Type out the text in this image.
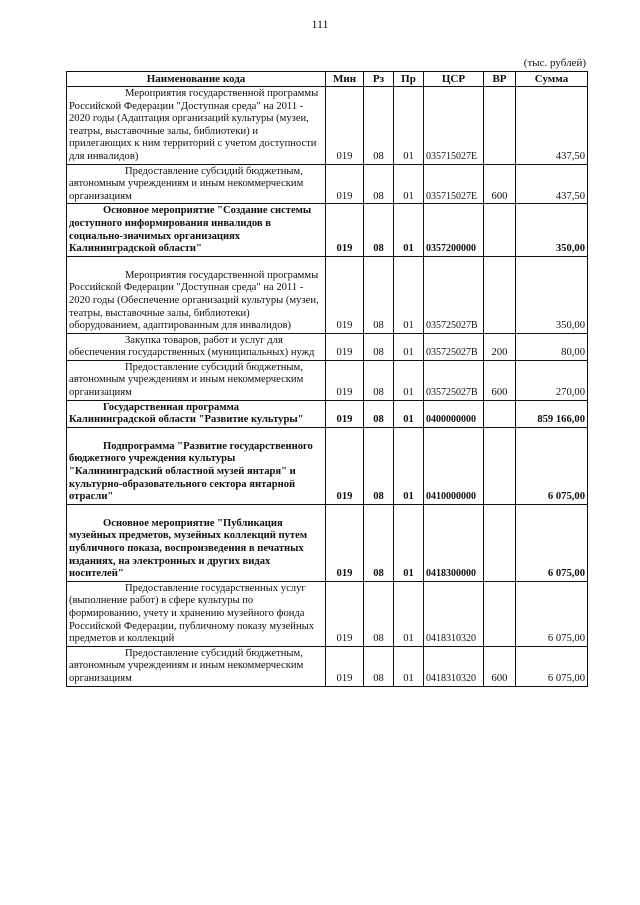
111
(тыс. рублей)
Наименование кода	Мин	Рз	Пр	ЦСР	ВР	Сумма

Мероприятия государственной программы Российской Федерации "Доступная среда" на 2011 - 2020 годы (Адаптация организаций культуры (музеи, театры, выставочные залы, библиотеки) и прилегающих к ним территорий с учетом доступности для инвалидов)	019	08	01	035715027Е		437,50

Предоставление субсидий бюджетным, автономным учреждениям и иным некоммерческим организациям	019	08	01	035715027Е	600	437,50

Основное мероприятие "Создание системы доступного информирования инвалидов в социально-значимых организациях Калининградской области"	019	08	01	0357200000		350,00

Мероприятия государственной программы Российской Федерации "Доступная среда" на 2011 - 2020 годы (Обеспечение организаций культуры (музеи, театры, выставочные залы, библиотеки) оборудованием, адаптированным для инвалидов)	019	08	01	035725027В		350,00

Закупка товаров, работ и услуг для обеспечения государственных (муниципальных) нужд	019	08	01	035725027В	200	80,00

Предоставление субсидий бюджетным, автономным учреждениям и иным некоммерческим организациям	019	08	01	035725027В	600	270,00

Государственная программа Калининградской области "Развитие культуры"	019	08	01	0400000000		859 166,00

Подпрограмма "Развитие государственного бюджетного учреждения культуры "Калининградский областной музей янтаря" и культурно-образовательного сектора янтарной отрасли"	019	08	01	0410000000		6 075,00

Основное мероприятие "Публикация музейных предметов, музейных коллекций путем публичного показа, воспроизведения в печатных изданиях, на электронных и других видах носителей"	019	08	01	0418300000		6 075,00

Предоставление государственных услуг (выполнение работ) в сфере культуры по формированию, учету и хранению музейного фонда Российской Федерации, публичному показу музейных предметов и коллекций	019	08	01	0418310320		6 075,00

Предоставление субсидий бюджетным, автономным учреждениям и иным некоммерческим организациям	019	08	01	0418310320	600	6 075,00
